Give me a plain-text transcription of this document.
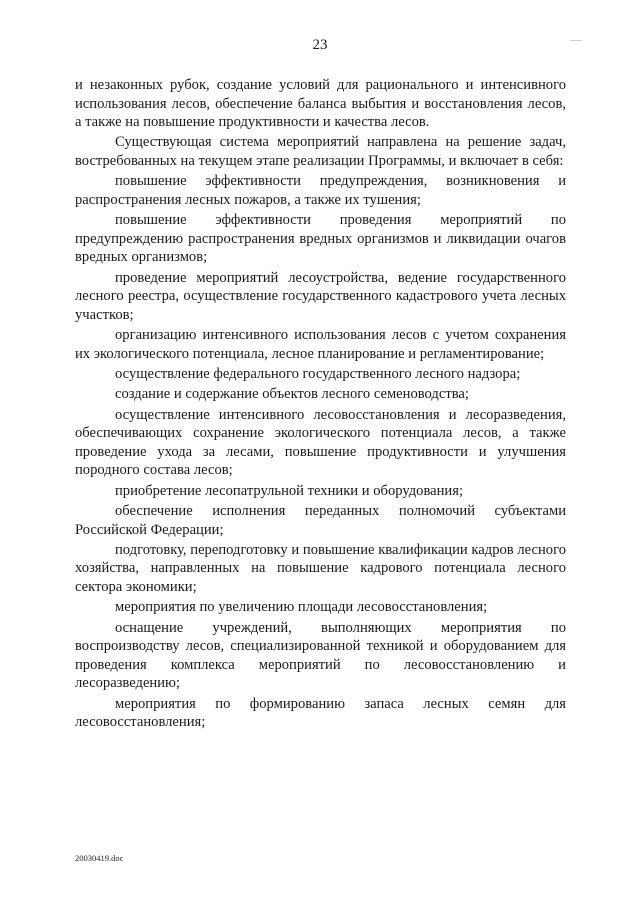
23

и незаконных рубок, создание условий для рационального и интенсивного использования лесов, обеспечение баланса выбытия и восстановления лесов, а также на повышение продуктивности и качества лесов.

Существующая система мероприятий направлена на решение задач, востребованных на текущем этапе реализации Программы, и включает в себя:

повышение эффективности предупреждения, возникновения и распространения лесных пожаров, а также их тушения;

повышение эффективности проведения мероприятий по предупреждению распространения вредных организмов и ликвидации очагов вредных организмов;

проведение мероприятий лесоустройства, ведение государственного лесного реестра, осуществление государственного кадастрового учета лесных участков;

организацию интенсивного использования лесов с учетом сохранения их экологического потенциала, лесное планирование и регламентирование;

осуществление федерального государственного лесного надзора;

создание и содержание объектов лесного семеноводства;

осуществление интенсивного лесовосстановления и лесоразведения, обеспечивающих сохранение экологического потенциала лесов, а также проведение ухода за лесами, повышение продуктивности и улучшения породного состава лесов;

приобретение лесопатрульной техники и оборудования;

обеспечение исполнения переданных полномочий субъектами Российской Федерации;

подготовку, переподготовку и повышение квалификации кадров лесного хозяйства, направленных на повышение кадрового потенциала лесного сектора экономики;

мероприятия по увеличению площади лесовосстановления;

оснащение учреждений, выполняющих мероприятия по воспроизводству лесов, специализированной техникой и оборудованием для проведения комплекса мероприятий по лесовосстановлению и лесоразведению;

мероприятия по формированию запаса лесных семян для лесовосстановления;

20030419.doc
